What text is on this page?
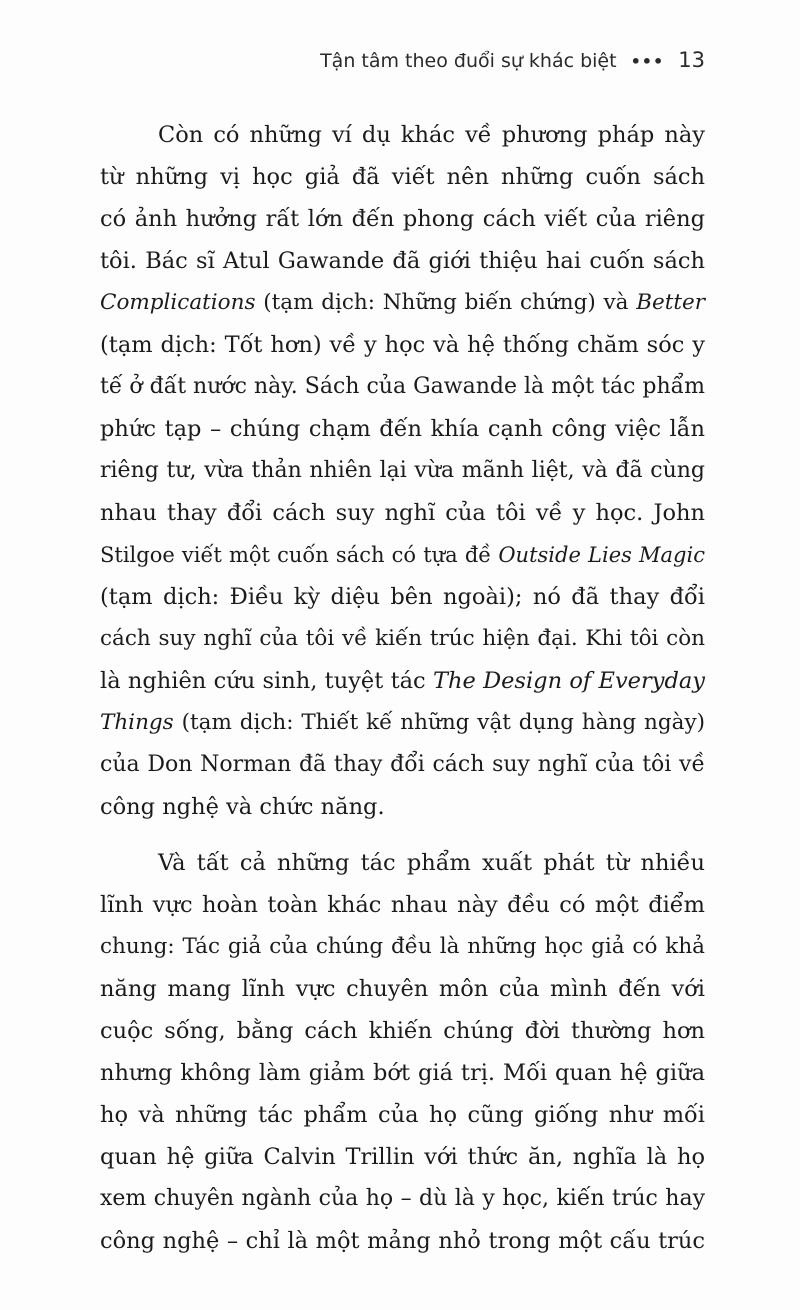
Tận tâm theo đuổi sự khác biệt ••• 13
Còn có những ví dụ khác về phương pháp này
từ những vị học giả đã viết nên những cuốn sách
có ảnh hưởng rất lớn đến phong cách viết của riêng
tôi. Bác sĩ Atul Gawande đã giới thiệu hai cuốn sách
Complications (tạm dịch: Những biến chứng) và Better
(tạm dịch: Tốt hơn) về y học và hệ thống chăm sóc y
tế ở đất nước này. Sách của Gawande là một tác phẩm
phức tạp – chúng chạm đến khía cạnh công việc lẫn
riêng tư, vừa thản nhiên lại vừa mãnh liệt, và đã cùng
nhau thay đổi cách suy nghĩ của tôi về y học. John
Stilgoe viết một cuốn sách có tựa đề Outside Lies Magic
(tạm dịch: Điều kỳ diệu bên ngoài); nó đã thay đổi
cách suy nghĩ của tôi về kiến trúc hiện đại. Khi tôi còn
là nghiên cứu sinh, tuyệt tác The Design of Everyday
Things (tạm dịch: Thiết kế những vật dụng hàng ngày)
của Don Norman đã thay đổi cách suy nghĩ của tôi về
công nghệ và chức năng.
Và tất cả những tác phẩm xuất phát từ nhiều
lĩnh vực hoàn toàn khác nhau này đều có một điểm
chung: Tác giả của chúng đều là những học giả có khả
năng mang lĩnh vực chuyên môn của mình đến với
cuộc sống, bằng cách khiến chúng đời thường hơn
nhưng không làm giảm bớt giá trị. Mối quan hệ giữa
họ và những tác phẩm của họ cũng giống như mối
quan hệ giữa Calvin Trillin với thức ăn, nghĩa là họ
xem chuyên ngành của họ – dù là y học, kiến trúc hay
công nghệ – chỉ là một mảng nhỏ trong một cấu trúc
